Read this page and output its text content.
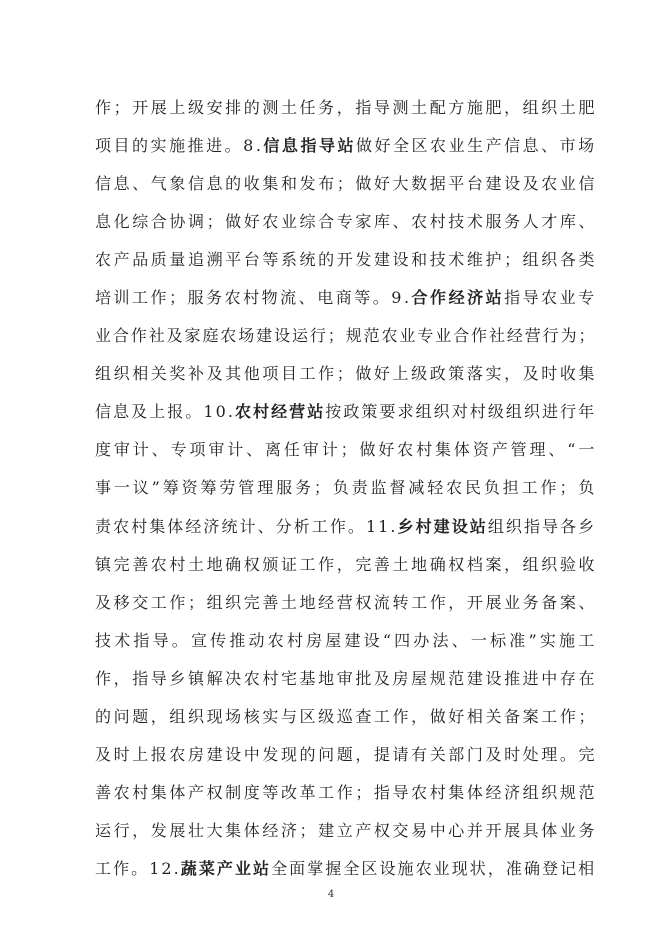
作 ； 开 展 上 级 安 排 的 测 土 任 务 ， 指 导 测 土 配 方 施 肥 ， 组 织 土 肥
项 目 的 实 施 推 进 。 8 . 信 息 指 导 站 做 好 全 区 农 业 生 产 信 息 、 市 场
信 息 、 气 象 信 息 的 收 集 和 发 布 ； 做 好 大 数 据 平 台 建 设 及 农 业 信
息 化 综 合 协 调 ； 做 好 农 业 综 合 专 家 库 、 农 村 技 术 服 务 人 才 库 、
农 产 品 质 量 追 溯 平 台 等 系 统 的 开 发 建 设 和 技 术 维 护 ； 组 织 各 类
培 训 工 作 ； 服 务 农 村 物 流 、 电 商 等 。 9 . 合 作 经 济 站 指 导 农 业 专
业 合 作 社 及 家 庭 农 场 建 设 运 行 ； 规 范 农 业 专 业 合 作 社 经 营 行 为 ；
组 织 相 关 奖 补 及 其 他 项 目 工 作 ； 做 好 上 级 政 策 落 实 ， 及 时 收 集
信 息 及 上 报 。 1 0 . 农 村 经 营 站 按 政 策 要 求 组 织 对 村 级 组 织 进 行 年
度 审 计 、 专 项 审 计 、 离 任 审 计 ； 做 好 农 村 集 体 资 产 管 理 、 “ 一
事 一 议 ” 筹 资 筹 劳 管 理 服 务 ； 负 责 监 督 减 轻 农 民 负 担 工 作 ； 负
责 农 村 集 体 经 济 统 计 、 分 析 工 作 。 1 1 . 乡 村 建 设 站 组 织 指 导 各 乡
镇 完 善 农 村 土 地 确 权 颁 证 工 作 ， 完 善 土 地 确 权 档 案 ， 组 织 验 收
及 移 交 工 作 ； 组 织 完 善 土 地 经 营 权 流 转 工 作 ， 开 展 业 务 备 案 、
技 术 指 导 。 宣 传 推 动 农 村 房 屋 建 设 “ 四 办 法 、 一 标 准 ” 实 施 工
作 ， 指 导 乡 镇 解 决 农 村 宅 基 地 审 批 及 房 屋 规 范 建 设 推 进 中 存 在
的 问 题 ， 组 织 现 场 核 实 与 区 级 巡 查 工 作 ， 做 好 相 关 备 案 工 作 ；
及 时 上 报 农 房 建 设 中 发 现 的 问 题 ， 提 请 有 关 部 门 及 时 处 理 。 完
善 农 村 集 体 产 权 制 度 等 改 革 工 作 ； 指 导 农 村 集 体 经 济 组 织 规 范
运 行 ， 发 展 壮 大 集 体 经 济 ； 建 立 产 权 交 易 中 心 并 开 展 具 体 业 务
工 作 。 1 2 . 蔬 菜 产 业 站 全 面 掌 握 全 区 设 施 农 业 现 状 ， 准 确 登 记 相
4
